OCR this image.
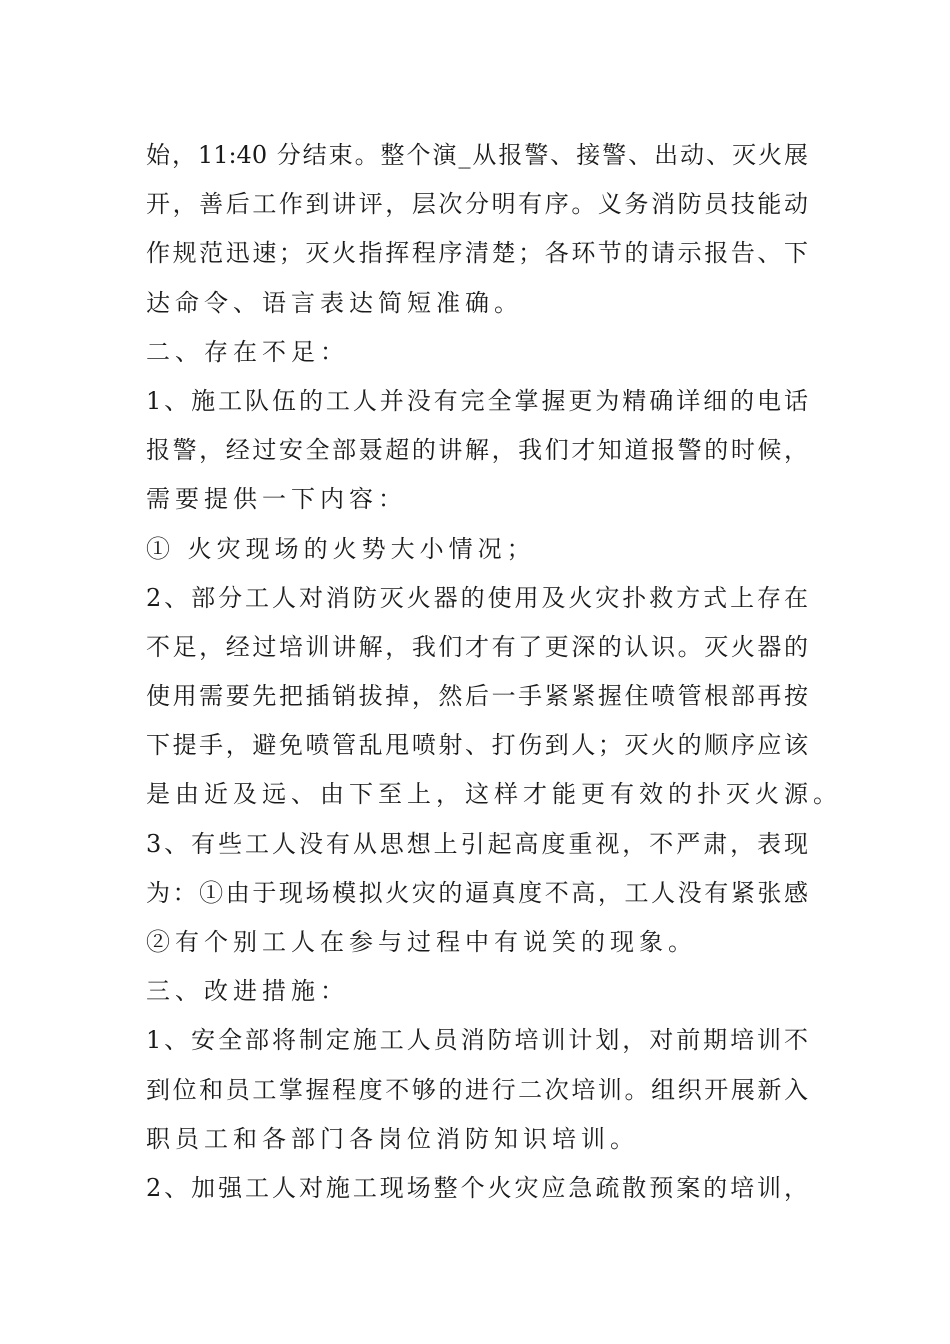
始，11:40 分结束。整个演_从报警、接警、出动、灭火展
开，善后工作到讲评，层次分明有序。义务消防员技能动
作规范迅速；灭火指挥程序清楚；各环节的请示报告、下
达命令、语言表达简短准确。
二、存在不足：
1、施工队伍的工人并没有完全掌握更为精确详细的电话
报警，经过安全部聂超的讲解，我们才知道报警的时候，
需要提供一下内容：
① 火灾现场的火势大小情况；
2、部分工人对消防灭火器的使用及火灾扑救方式上存在
不足，经过培训讲解，我们才有了更深的认识。灭火器的
使用需要先把插销拔掉，然后一手紧紧握住喷管根部再按
下提手，避免喷管乱甩喷射、打伤到人；灭火的顺序应该
是由近及远、由下至上，这样才能更有效的扑灭火源。
3、有些工人没有从思想上引起高度重视，不严肃，表现
为：①由于现场模拟火灾的逼真度不高，工人没有紧张感
②有个别工人在参与过程中有说笑的现象。
三、改进措施：
1、安全部将制定施工人员消防培训计划，对前期培训不
到位和员工掌握程度不够的进行二次培训。组织开展新入
职员工和各部门各岗位消防知识培训。
2、加强工人对施工现场整个火灾应急疏散预案的培训，
